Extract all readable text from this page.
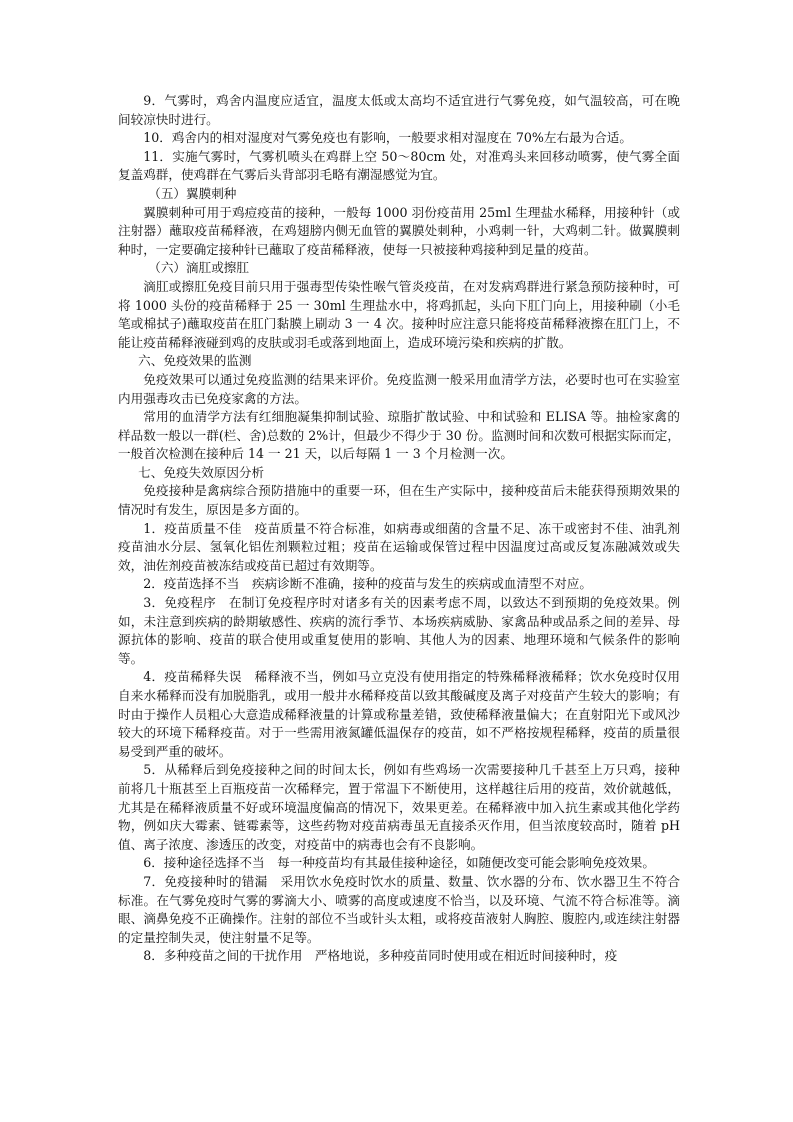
9．气雾时，鸡舍内温度应适宜，温度太低或太高均不适宜进行气雾免疫，如气温较高，可在晚间较凉快时进行。

10．鸡舍内的相对湿度对气雾免疫也有影响，一般要求相对湿度在 70%左右最为合适。

11．实施气雾时，气雾机喷头在鸡群上空 50～80cm 处，对准鸡头来回移动喷雾，使气雾全面复盖鸡群，使鸡群在气雾后头背部羽毛略有潮湿感觉为宜。

（五）翼膜刺种

翼膜刺种可用于鸡痘疫苗的接种，一般每 1000 羽份疫苗用 25ml 生理盐水稀释，用接种针（或注射器）蘸取疫苗稀释液，在鸡翅膀内侧无血管的翼膜处刺种，小鸡刺一针，大鸡刺二针。做翼膜刺种时，一定要确定接种针已蘸取了疫苗稀释液，使每一只被接种鸡接种到足量的疫苗。

（六）滴肛或擦肛

滴肛或擦肛免疫目前只用于强毒型传染性喉气管炎疫苗，在对发病鸡群进行紧急预防接种时，可将 1000 头份的疫苗稀释于 25 一 30ml 生理盐水中，将鸡抓起，头向下肛门向上，用接种刷（小毛笔或棉拭子)蘸取疫苗在肛门黏膜上刷动 3 一 4 次。接种时应注意只能将疫苗稀释液擦在肛门上，不能让疫苗稀释液碰到鸡的皮肤或羽毛或落到地面上，造成环境污染和疾病的扩散。

六、免疫效果的监测

免疫效果可以通过免疫监测的结果来评价。免疫监测一般采用血清学方法，必要时也可在实验室内用强毒攻击已免疫家禽的方法。

常用的血清学方法有红细胞凝集抑制试验、琼脂扩散试验、中和试验和 ELISA 等。抽检家禽的样品数一般以一群(栏、舍)总数的 2%计，但最少不得少于 30 份。监测时间和次数可根据实际而定，一般首次检测在接种后 14 一 21 天，以后每隔 1 一 3 个月检测一次。

七、免疫失效原因分析

免疫接种是禽病综合预防措施中的重要一环，但在生产实际中，接种疫苗后未能获得预期效果的情况时有发生，原因是多方面的。

1．疫苗质量不佳　疫苗质量不符合标准，如病毒或细菌的含量不足、冻干或密封不佳、油乳剂疫苗油水分层、氢氧化铝佐剂颗粒过粗；疫苗在运输或保管过程中因温度过高或反复冻融减效或失效，油佐剂疫苗被冻结或疫苗已超过有效期等。

2．疫苗选择不当　疾病诊断不准确，接种的疫苗与发生的疾病或血清型不对应。

3．免疫程序　在制订免疫程序时对诸多有关的因素考虑不周，以致达不到预期的免疫效果。例如，未注意到疾病的龄期敏感性、疾病的流行季节、本场疾病威胁、家禽品种或品系之间的差异、母源抗体的影响、疫苗的联合使用或重复使用的影响、其他人为的因素、地理环境和气候条件的影响等。

4．疫苗稀释失误　稀释液不当，例如马立克没有使用指定的特殊稀释液稀释；饮水免疫时仅用自来水稀释而没有加脱脂乳，或用一般井水稀释疫苗以致其酸碱度及离子对疫苗产生较大的影响；有时由于操作人员粗心大意造成稀释液量的计算或称量差错，致使稀释液量偏大；在直射阳光下或风沙较大的环境下稀释疫苗。对于一些需用液氮罐低温保存的疫苗，如不严格按规程稀释，疫苗的质量很易受到严重的破坏。

5．从稀释后到免疫接种之间的时间太长，例如有些鸡场一次需要接种几千甚至上万只鸡，接种前将几十瓶甚至上百瓶疫苗一次稀释完，置于常温下不断使用，这样越往后用的疫苗，效价就越低，尤其是在稀释液质量不好或环境温度偏高的情况下，效果更差。在稀释液中加入抗生素或其他化学药物，例如庆大霉素、链霉素等，这些药物对疫苗病毒虽无直接杀灭作用，但当浓度较高时，随着 pH 值、离子浓度、渗透压的改变，对疫苗中的病毒也会有不良影响。

6．接种途径选择不当　每一种疫苗均有其最佳接种途径，如随便改变可能会影响免疫效果。

7．免疫接种时的错漏　采用饮水免疫时饮水的质量、数量、饮水器的分布、饮水器卫生不符合标准。在气雾免疫时气雾的雾滴大小、喷雾的高度或速度不恰当，以及环境、气流不符合标准等。滴眼、滴鼻免疫不正确操作。注射的部位不当或针头太粗，或将疫苗液射人胸腔、腹腔内,或连续注射器的定量控制失灵，使注射量不足等。

8．多种疫苗之间的干扰作用　严格地说，多种疫苗同时使用或在相近时间接种时，疫
